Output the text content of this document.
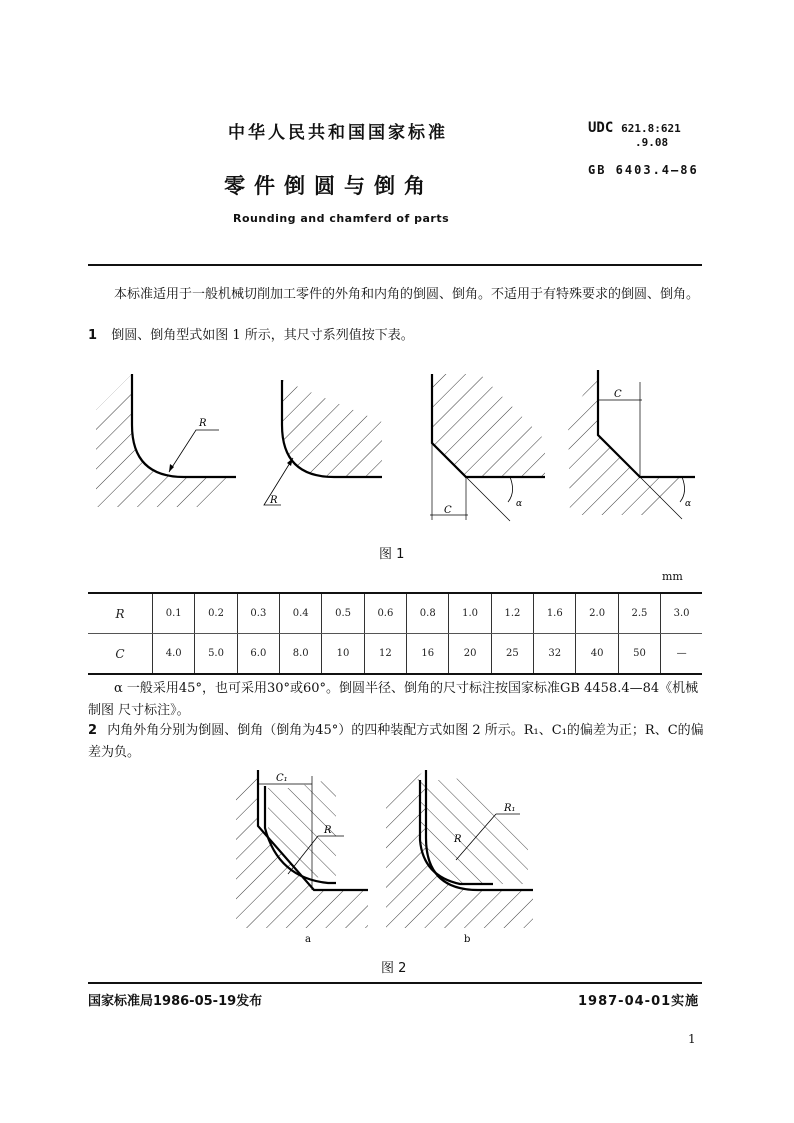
中华人民共和国国家标准	UDC 621.8:621
.9.08
零件倒圆与倒角
GB 6403.4—86
Rounding and chamferd of parts
本标准适用于一般机械切削加工零件的外角和内角的倒圆、倒角。不适用于有特殊要求的倒圆、倒角。
1 倒圆、倒角型式如图 1 所示，其尺寸系列值按下表。
R
R
C
α
C
α
图 1
mm
R	0.1	0.2	0.3	0.4	0.5	0.6	0.8	1.0	1.2	1.6	2.0	2.5	3.0
C	4.0	5.0	6.0	8.0	10	12	16	20	25	32	40	50	—
α 一般采用45°，也可采用30°或60°。倒圆半径、倒角的尺寸标注按国家标准GB 4458.4—84《机械制图 尺寸标注》。
2 内角外角分别为倒圆、倒角（倒角为45°）的四种装配方式如图 2 所示。R₁、C₁的偏差为正；R、C的偏差为负。
C₁
R
R₁
R
a	b
图 2
国家标准局1986-05-19发布	1987-04-01实施
1
